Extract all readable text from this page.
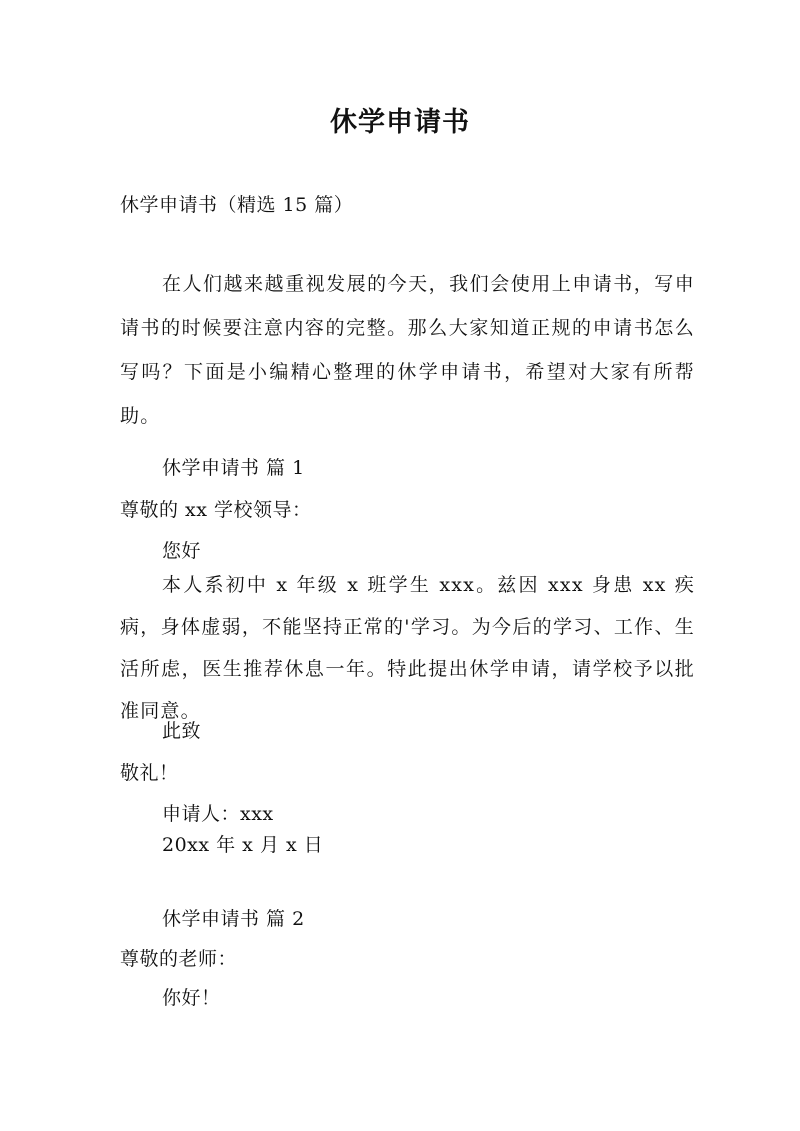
休学申请书
休学申请书（精选 15 篇）

在人们越来越重视发展的今天，我们会使用上申请书，写申请书的时候要注意内容的完整。那么大家知道正规的申请书怎么写吗？下面是小编精心整理的休学申请书，希望对大家有所帮助。

休学申请书 篇 1
尊敬的 xx 学校领导：
您好

本人系初中 x 年级 x 班学生 xxx。兹因 xxx 身患 xx 疾病，身体虚弱，不能坚持正常的'学习。为今后的学习、工作、生活所虑，医生推荐休息一年。特此提出休学申请，请学校予以批准同意。

此致
敬礼！
申请人：xxx
20xx 年 x 月 x 日
休学申请书 篇 2
尊敬的老师：
你好！
